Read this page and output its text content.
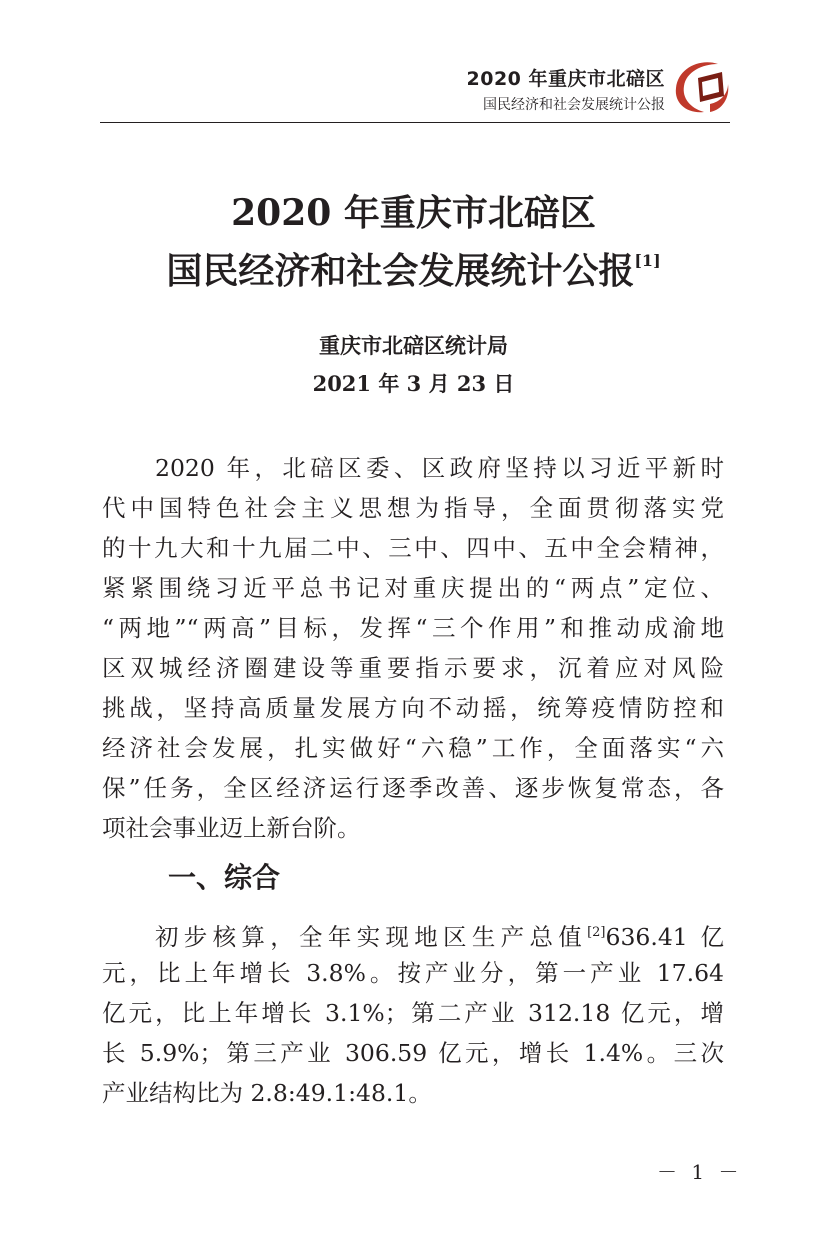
2020 年重庆市北碚区
国民经济和社会发展统计公报
2020 年重庆市北碚区
国民经济和社会发展统计公报[1]
重庆市北碚区统计局
2021 年 3 月 23 日
2020 年，北碚区委、区政府坚持以习近平新时
代中国特色社会主义思想为指导，全面贯彻落实党
的十九大和十九届二中、三中、四中、五中全会精神，
紧紧围绕习近平总书记对重庆提出的“两点”定位、
“两地”“两高”目标，发挥“三个作用”和推动成渝地
区双城经济圈建设等重要指示要求，沉着应对风险
挑战，坚持高质量发展方向不动摇，统筹疫情防控和
经济社会发展，扎实做好“六稳”工作，全面落实“六
保”任务，全区经济运行逐季改善、逐步恢复常态，各
项社会事业迈上新台阶。
一、综合
初步核算，全年实现地区生产总值[2]636.41 亿
元，比上年增长 3.8%。按产业分，第一产业 17.64
亿元，比上年增长 3.1%；第二产业 312.18 亿元，增
长 5.9%；第三产业 306.59 亿元，增长 1.4%。三次
产业结构比为 2.8:49.1:48.1。
－ 1 －
